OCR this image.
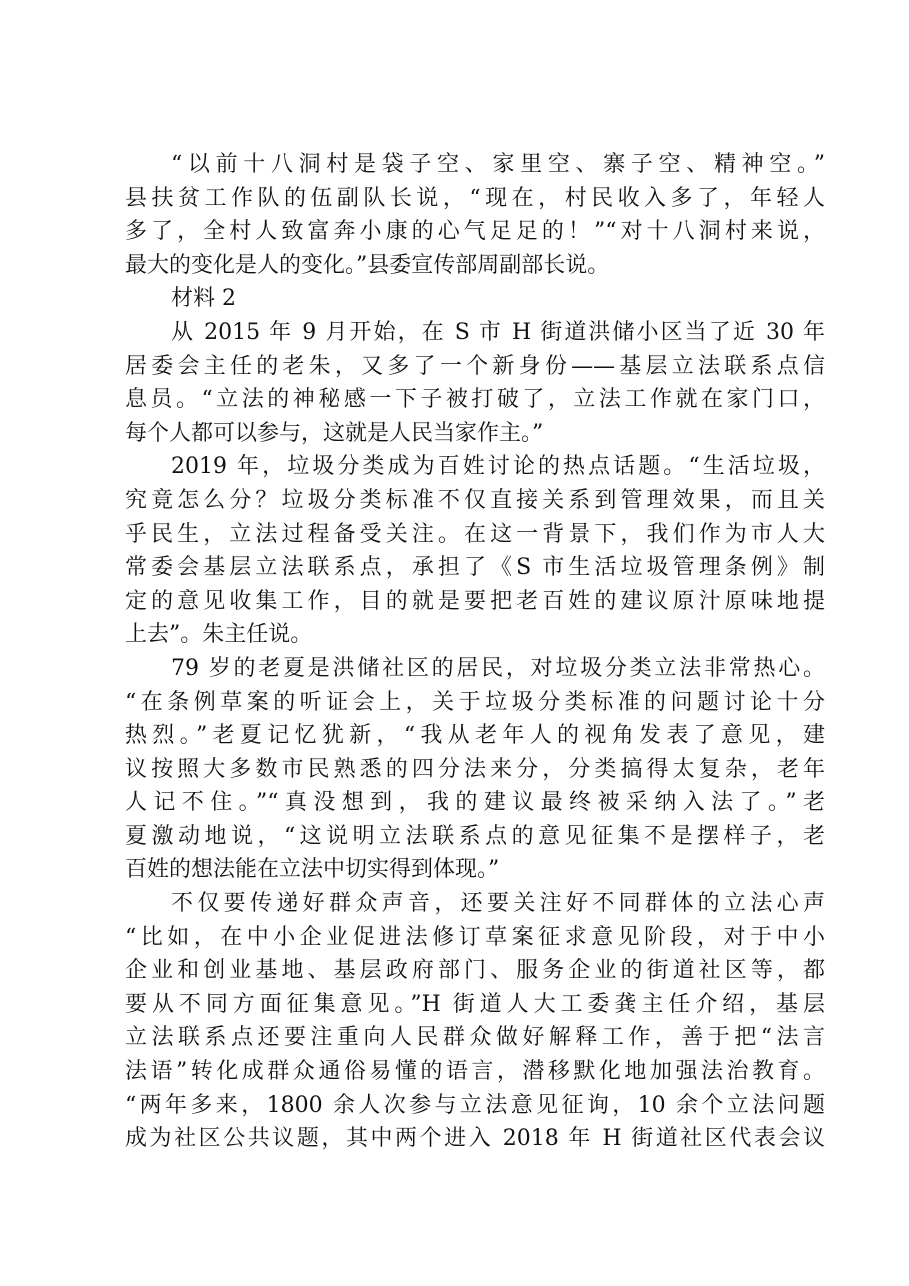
“以前十八洞村是袋子空、家里空、寨子空、精神空。”
县扶贫工作队的伍副队长说，“现在，村民收入多了，年轻人
多了，全村人致富奔小康的心气足足的！”“对十八洞村来说，
最大的变化是人的变化。”县委宣传部周副部长说。
材料 2
从 2015 年 9 月开始，在 S 市 H 街道洪储小区当了近 30 年
居委会主任的老朱，又多了一个新身份——基层立法联系点信
息员。“立法的神秘感一下子被打破了，立法工作就在家门口，
每个人都可以参与，这就是人民当家作主。”
2019 年，垃圾分类成为百姓讨论的热点话题。“生活垃圾，
究竟怎么分？垃圾分类标准不仅直接关系到管理效果，而且关
乎民生，立法过程备受关注。在这一背景下，我们作为市人大
常委会基层立法联系点，承担了《S 市生活垃圾管理条例》制
定的意见收集工作，目的就是要把老百姓的建议原汁原味地提
上去”。朱主任说。
79 岁的老夏是洪储社区的居民，对垃圾分类立法非常热心。
“在条例草案的听证会上，关于垃圾分类标准的问题讨论十分
热烈。”老夏记忆犹新，“我从老年人的视角发表了意见，建
议按照大多数市民熟悉的四分法来分，分类搞得太复杂，老年
人记不住。”“真没想到，我的建议最终被采纳入法了。”老
夏激动地说，“这说明立法联系点的意见征集不是摆样子，老
百姓的想法能在立法中切实得到体现。”
不仅要传递好群众声音，还要关注好不同群体的立法心声
“比如，在中小企业促进法修订草案征求意见阶段，对于中小
企业和创业基地、基层政府部门、服务企业的街道社区等，都
要从不同方面征集意见。”H 街道人大工委龚主任介绍，基层
立法联系点还要注重向人民群众做好解释工作，善于把“法言
法语”转化成群众通俗易懂的语言，潜移默化地加强法治教育。
“两年多来，1800 余人次参与立法意见征询，10 余个立法问题
成为社区公共议题，其中两个进入 2018 年 H 街道社区代表会议
